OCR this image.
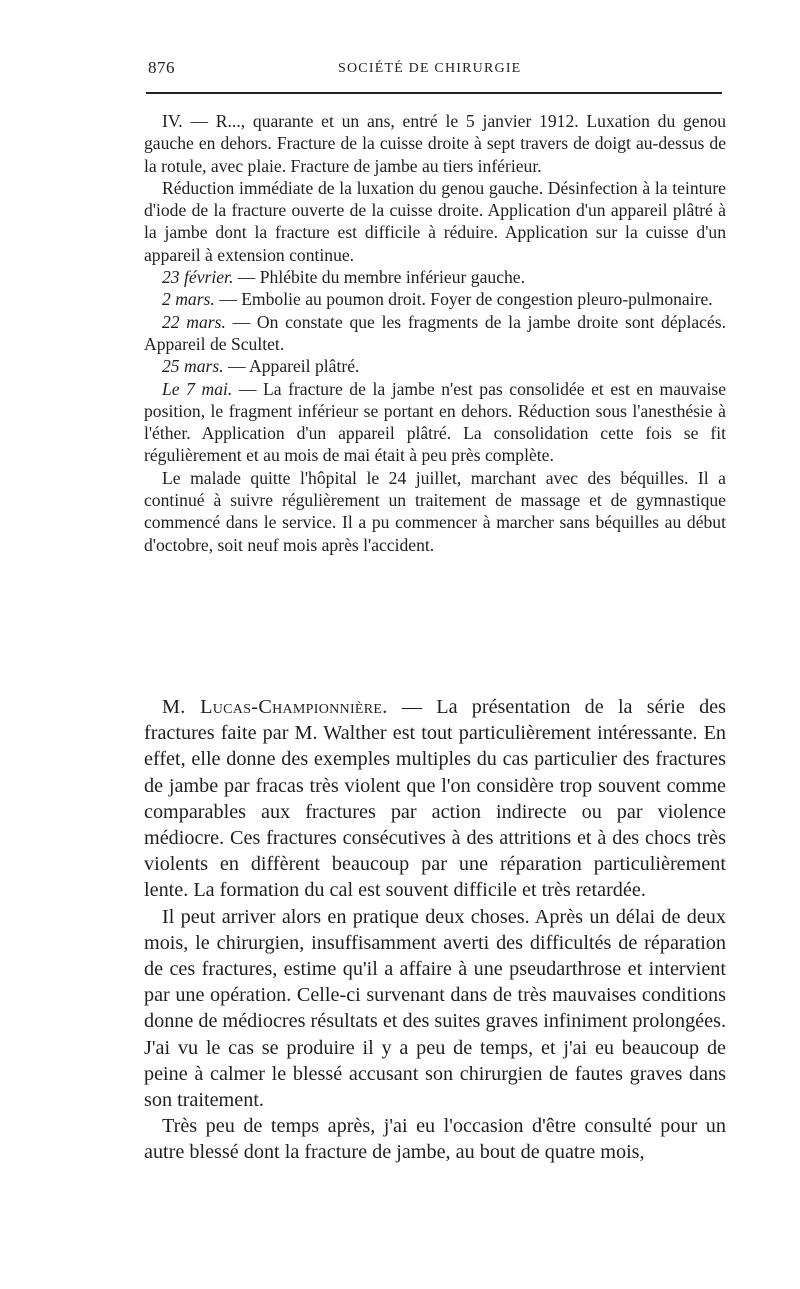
876	SOCIÉTÉ DE CHIRURGIE

IV. — R..., quarante et un ans, entré le 5 janvier 1912. Luxation du genou gauche en dehors. Fracture de la cuisse droite à sept travers de doigt au-dessus de la rotule, avec plaie. Fracture de jambe au tiers inférieur.

Réduction immédiate de la luxation du genou gauche. Désinfection à la teinture d'iode de la fracture ouverte de la cuisse droite. Application d'un appareil plâtré à la jambe dont la fracture est difficile à réduire. Application sur la cuisse d'un appareil à extension continue.

23 février. — Phlébite du membre inférieur gauche.

2 mars. — Embolie au poumon droit. Foyer de congestion pleuro-pulmonaire.

22 mars. — On constate que les fragments de la jambe droite sont déplacés. Appareil de Scultet.

25 mars. — Appareil plâtré.

Le 7 mai. — La fracture de la jambe n'est pas consolidée et est en mauvaise position, le fragment inférieur se portant en dehors. Réduction sous l'anesthésie à l'éther. Application d'un appareil plâtré. La consolidation cette fois se fit régulièrement et au mois de mai était à peu près complète.

Le malade quitte l'hôpital le 24 juillet, marchant avec des béquilles. Il a continué à suivre régulièrement un traitement de massage et de gymnastique commencé dans le service. Il a pu commencer à marcher sans béquilles au début d'octobre, soit neuf mois après l'accident.

M. Lucas-Championnière. — La présentation de la série des fractures faite par M. Walther est tout particulièrement intéressante. En effet, elle donne des exemples multiples du cas particulier des fractures de jambe par fracas très violent que l'on considère trop souvent comme comparables aux fractures par action indirecte ou par violence médiocre. Ces fractures consécutives à des attritions et à des chocs très violents en diffèrent beaucoup par une réparation particulièrement lente. La formation du cal est souvent difficile et très retardée.

Il peut arriver alors en pratique deux choses. Après un délai de deux mois, le chirurgien, insuffisamment averti des difficultés de réparation de ces fractures, estime qu'il a affaire à une pseudarthrose et intervient par une opération. Celle-ci survenant dans de très mauvaises conditions donne de médiocres résultats et des suites graves infiniment prolongées. J'ai vu le cas se produire il y a peu de temps, et j'ai eu beaucoup de peine à calmer le blessé accusant son chirurgien de fautes graves dans son traitement.

Très peu de temps après, j'ai eu l'occasion d'être consulté pour un autre blessé dont la fracture de jambe, au bout de quatre mois,
